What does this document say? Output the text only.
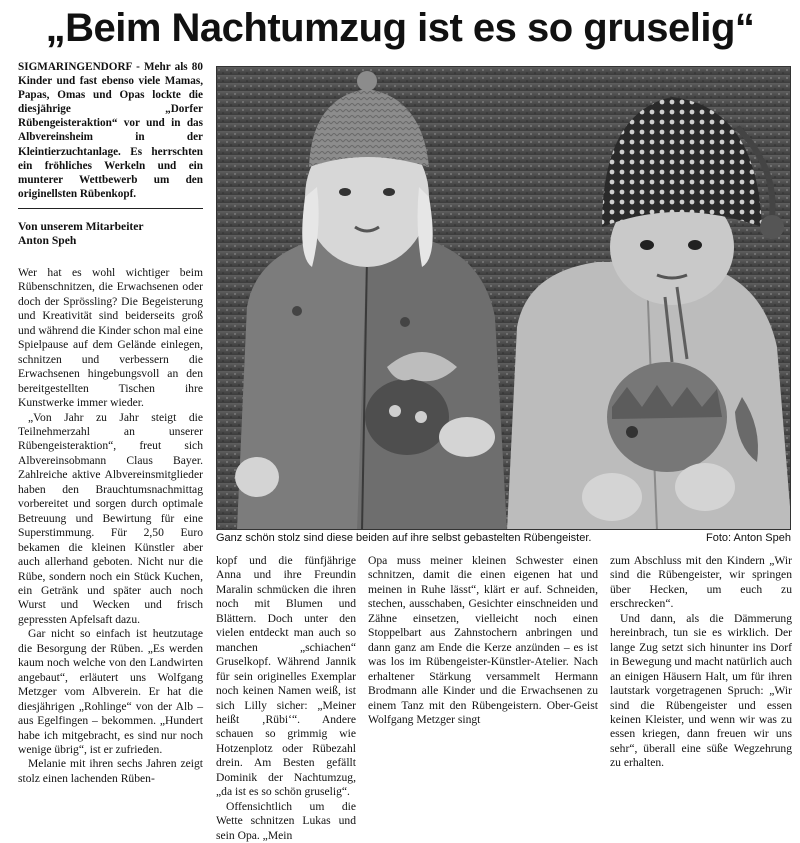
„Beim Nachtumzug ist es so gruselig“

SIGMARINGENDORF - Mehr als 80 Kinder und fast ebenso viele Mamas, Papas, Omas und Opas lockte die diesjährige „Dorfer Rübengeisteraktion“ vor und in das Albvereinsheim in der Kleintierzuchtanlage. Es herrschten ein fröhliches Werkeln und ein munterer Wettbewerb um den originellsten Rübenkopf.

Von unserem Mitarbeiter
Anton Speh

Wer hat es wohl wichtiger beim Rübenschnitzen, die Erwachsenen oder doch der Sprössling? Die Begeisterung und Kreativität sind beiderseits groß und während die Kinder schon mal eine Spielpause auf dem Gelände einlegen, schnitzen und verbessern die Erwachsenen hingebungsvoll an den bereitgestellten Tischen ihre Kunstwerke immer wieder.

„Von Jahr zu Jahr steigt die Teilnehmerzahl an unserer Rübengeisteraktion“, freut sich Albvereinsobmann Claus Bayer. Zahlreiche aktive Albvereinsmitglieder haben den Brauchtumsnachmittag vorbereitet und sorgen durch optimale Betreuung und Bewirtung für eine Superstimmung. Für 2,50 Euro bekamen die kleinen Künstler aber auch allerhand geboten. Nicht nur die Rübe, sondern noch ein Stück Kuchen, ein Getränk und später auch noch Wurst und Wecken und frisch gepressten Apfelsaft dazu.

Gar nicht so einfach ist heutzutage die Besorgung der Rüben. „Es werden kaum noch welche von den Landwirten angebaut“, erläutert uns Wolfgang Metzger vom Albverein. Er hat die diesjährigen „Rohlinge“ von der Alb – aus Egelfingen – bekommen. „Hundert habe ich mitgebracht, es sind nur noch wenige übrig“, ist er zufrieden.

Melanie mit ihren sechs Jahren zeigt stolz einen lachenden Rüben-

Ganz schön stolz sind diese beiden auf ihre selbst gebastelten Rübengeister.	Foto: Anton Speh

kopf und die fünfjährige Anna und ihre Freundin Maralin schmücken die ihren noch mit Blumen und Blättern. Doch unter den vielen entdeckt man auch so manchen „schiachen“ Gruselkopf. Während Jannik für sein originelles Exemplar noch keinen Namen weiß, ist sich Lilly sicher: „Meiner heißt ‚Rübi‘“. Andere schauen so grimmig wie Hotzenplotz oder Rübezahl drein. Am Besten gefällt Dominik der Nachtumzug, „da ist es so schön gruselig“.

Offensichtlich um die Wette schnitzen Lukas und sein Opa. „Mein

Opa muss meiner kleinen Schwester einen schnitzen, damit die einen eigenen hat und meinen in Ruhe lässt“, klärt er auf. Schneiden, stechen, ausschaben, Gesichter einschneiden und Zähne einsetzen, vielleicht noch einen Stoppelbart aus Zahnstochern anbringen und dann ganz am Ende die Kerze anzünden – es ist was los im Rübengeister-Künstler-Atelier. Nach erhaltener Stärkung versammelt Hermann Brodmann alle Kinder und die Erwachsenen zu einem Tanz mit den Rübengeistern. Ober-Geist Wolfgang Metzger singt

zum Abschluss mit den Kindern „Wir sind die Rübengeister, wir springen über Hecken, um euch zu erschrecken“.

Und dann, als die Dämmerung hereinbrach, tun sie es wirklich. Der lange Zug setzt sich hinunter ins Dorf in Bewegung und macht natürlich auch an einigen Häusern Halt, um für ihren lautstark vorgetragenen Spruch: „Wir sind die Rübengeister und essen keinen Kleister, und wenn wir was zu essen kriegen, dann freuen wir uns sehr“, überall eine süße Wegzehrung zu erhalten.
